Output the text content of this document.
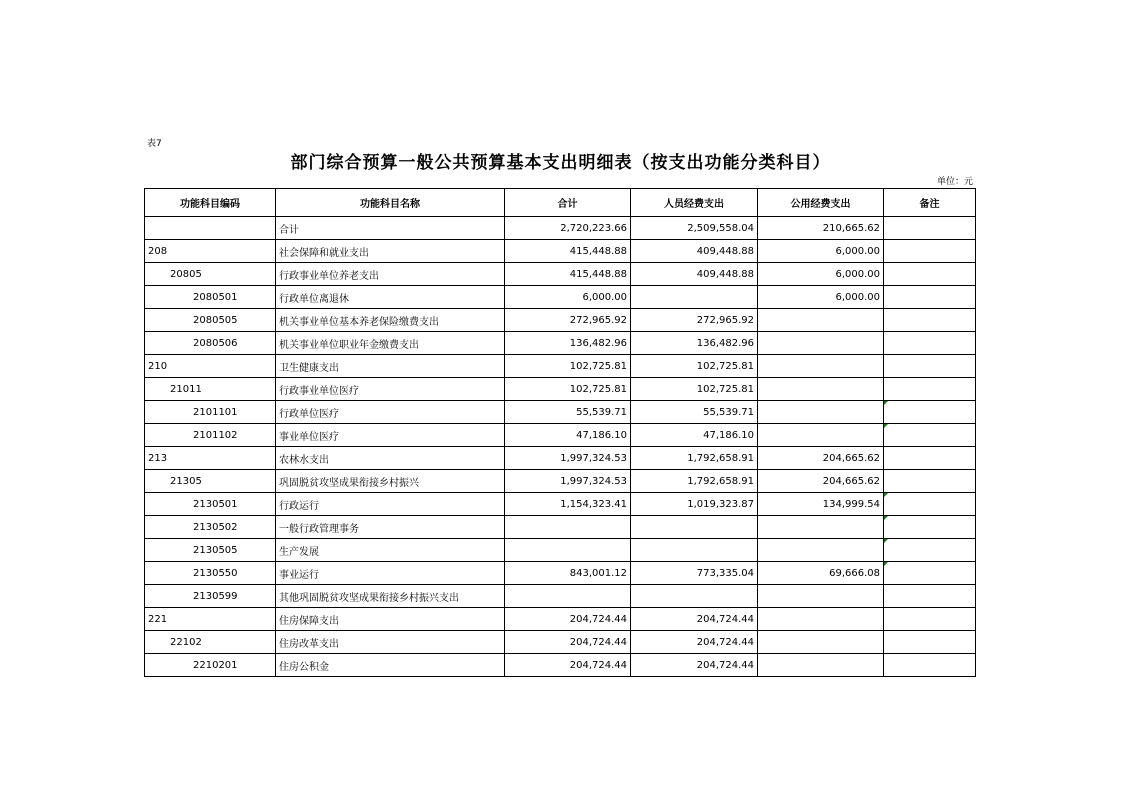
表7
部门综合预算一般公共预算基本支出明细表（按支出功能分类科目）
单位：元
功能科目编码	功能科目名称	合计	人员经费支出	公用经费支出	备注
	合计	2,720,223.66	2,509,558.04	210,665.62	
208	社会保障和就业支出	415,448.88	409,448.88	6,000.00	
20805	行政事业单位养老支出	415,448.88	409,448.88	6,000.00	
2080501	行政单位离退休	6,000.00		6,000.00	
2080505	机关事业单位基本养老保险缴费支出	272,965.92	272,965.92		
2080506	机关事业单位职业年金缴费支出	136,482.96	136,482.96		
210	卫生健康支出	102,725.81	102,725.81		
21011	行政事业单位医疗	102,725.81	102,725.81		
2101101	行政单位医疗	55,539.71	55,539.71		

2101102	事业单位医疗	47,186.10	47,186.10		

213	农林水支出	1,997,324.53	1,792,658.91	204,665.62	
21305	巩固脱贫攻坚成果衔接乡村振兴	1,997,324.53	1,792,658.91	204,665.62	
2130501	行政运行	1,154,323.41	1,019,323.87	134,999.54	

2130502	一般行政管理事务				

2130505	生产发展				

2130550	事业运行	843,001.12	773,335.04	69,666.08	

2130599	其他巩固脱贫攻坚成果衔接乡村振兴支出				
221	住房保障支出	204,724.44	204,724.44		
22102	住房改革支出	204,724.44	204,724.44		
2210201	住房公积金	204,724.44	204,724.44		
